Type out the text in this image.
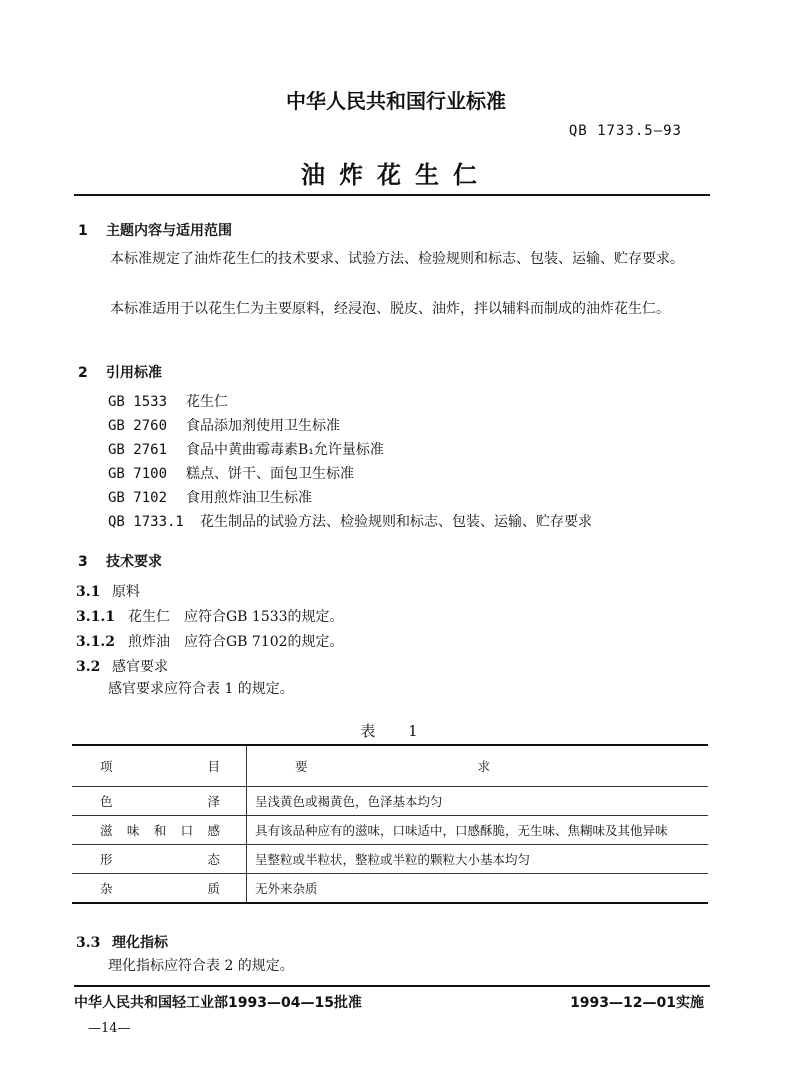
中华人民共和国行业标准
QB 1733.5—93
油炸花生仁
1 主题内容与适用范围
本标准规定了油炸花生仁的技术要求、试验方法、检验规则和标志、包装、运输、贮存要求。
本标准适用于以花生仁为主要原料，经浸泡、脱皮、油炸，拌以辅料而制成的油炸花生仁。
2 引用标准
GB 1533 花生仁
GB 2760 食品添加剂使用卫生标准
GB 2761 食品中黄曲霉毒素B₁允许量标准
GB 7100 糕点、饼干、面包卫生标准
GB 7102 食用煎炸油卫生标准
QB 1733.1 花生制品的试验方法、检验规则和标志、包装、运输、贮存要求
3 技术要求
3.1 原料
3.1.1 花生仁　应符合GB 1533的规定。
3.1.2 煎炸油　应符合GB 7102的规定。
3.2 感官要求
感官要求应符合表 1 的规定。
表 1
项目	要求
色泽	呈浅黄色或褐黄色，色泽基本均匀
滋味和口感	具有该品种应有的滋味，口味适中，口感酥脆，无生味、焦糊味及其他异味
形态	呈整粒或半粒状，整粒或半粒的颗粒大小基本均匀
杂质	无外来杂质
3.3 理化指标
理化指标应符合表 2 的规定。
中华人民共和国轻工业部1993—04—15批准	1993—12—01实施
—14—
